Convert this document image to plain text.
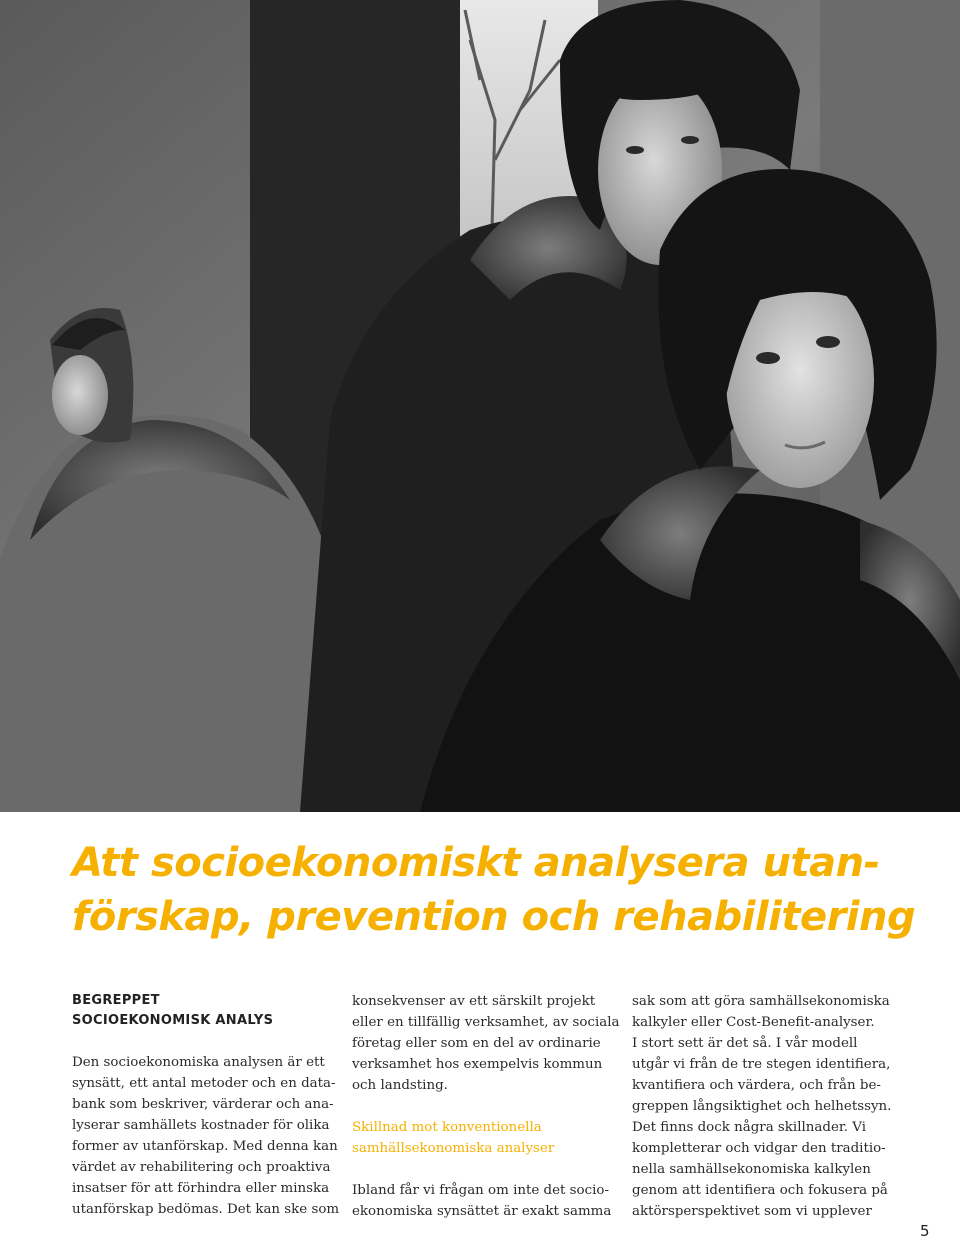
Att socioekonomiskt analysera utan-
förskap, prevention och rehabilitering
BEGREPPET
SOCIOEKONOMISK ANALYS

Den socioekonomiska analysen är ett
synsätt, ett antal metoder och en data-
bank som beskriver, värderar och ana-
lyserar samhällets kostnader för olika
former av utanförskap. Med denna kan
värdet av rehabilitering och proaktiva
insatser för att förhindra eller minska
utanförskap bedömas. Det kan ske som

konsekvenser av ett särskilt projekt
eller en tillfällig verksamhet, av sociala
företag eller som en del av ordinarie
verksamhet hos exempelvis kommun
och landsting.

Skillnad mot konventionella
samhällsekonomiska analyser

Ibland får vi frågan om inte det socio-
ekonomiska synsättet är exakt samma

sak som att göra samhällsekonomiska
kalkyler eller Cost-Benefit-analyser.
I stort sett är det så. I vår modell
utgår vi från de tre stegen identifiera,
kvantifiera och värdera, och från be-
greppen långsiktighet och helhetssyn.
Det finns dock några skillnader. Vi
kompletterar och vidgar den traditio-
nella samhällsekonomiska kalkylen
genom att identifiera och fokusera på
aktörsperspektivet som vi upplever

5
